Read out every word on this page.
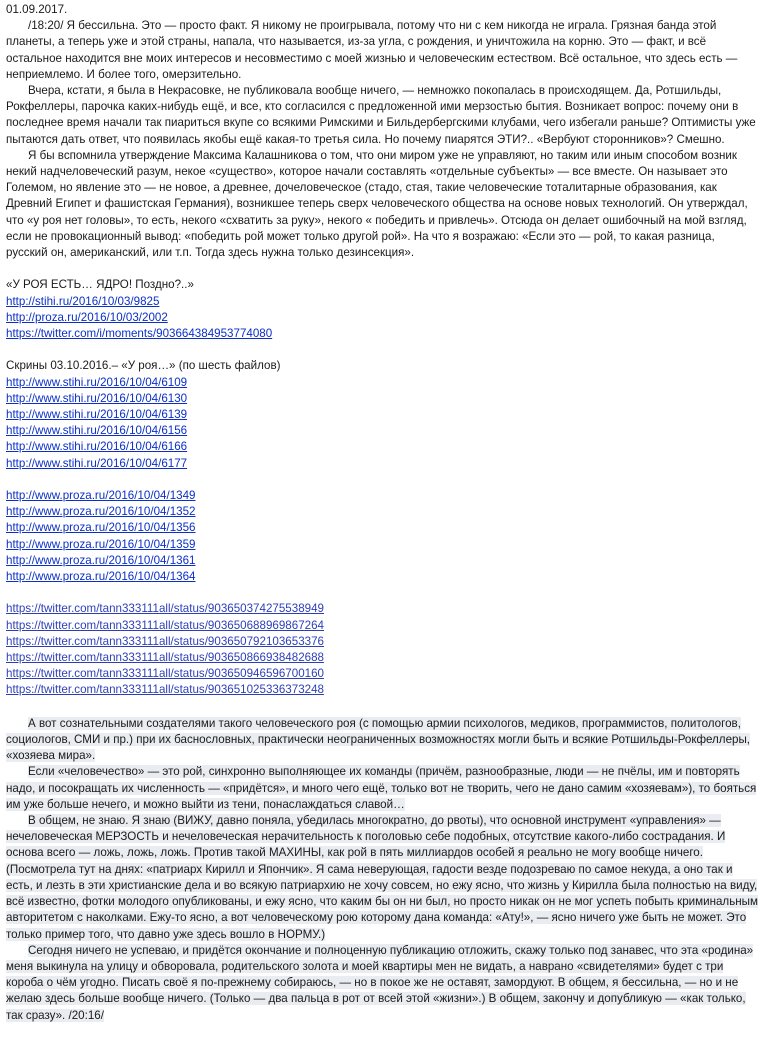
01.09.2017.

/18:20/ Я бессильна. Это — просто факт. Я никому не проигрывала, потому что ни с кем никогда не играла. Грязная банда этой планеты, а теперь уже и этой страны, напала, что называется, из-за угла, с рождения, и уничтожила на корню. Это — факт, и всё остальное находится вне моих интересов и несовместимо с моей жизнью и человеческим естеством. Всё остальное, что здесь есть — неприемлемо. И более того, омерзительно.

Вчера, кстати, я была в Некрасовке, не публиковала вообще ничего, — немножко покопалась в происходящем. Да, Ротшильды, Рокфеллеры, парочка каких-нибудь ещё, и все, кто согласился с предложенной ими мерзостью бытия. Возникает вопрос: почему они в последнее время начали так пиариться вкупе со всякими Римскими и Бильдербергскими клубами, чего избегали раньше? Оптимисты уже пытаются дать ответ, что появилась якобы ещё какая-то третья сила. Но почему пиарятся ЭТИ?.. «Вербуют сторонников»? Смешно.

Я бы вспомнила утверждение Максима Калашникова о том, что они миром уже не управляют, но таким или иным способом возник некий надчеловеческий разум, некое «существо», которое начали составлять «отдельные субъекты» — все вместе. Он называет это Големом, но явление это — не новое, а древнее, дочеловеческое (стадо, стая, такие человеческие тоталитарные образования, как Древний Египет и фашистская Германия), возникшее теперь сверх человеческого общества на основе новых технологий. Он утверждал, что «у роя нет головы», то есть, некого «схватить за руку», некого « победить и привлечь». Отсюда он делает ошибочный на мой взгляд, если не провокационный вывод: «победить рой может только другой рой». На что я возражаю: «Если это — рой, то какая разница, русский он, американский, или т.п. Тогда здесь нужна только дезинсекция».

«У РОЯ ЕСТЬ… ЯДРО! Поздно?..»

http://stihi.ru/2016/10/03/9825
http://proza.ru/2016/10/03/2002
https://twitter.com/i/moments/903664384953774080

Скрины 03.10.2016.– «У роя…» (по шесть файлов)

http://www.stihi.ru/2016/10/04/6109
http://www.stihi.ru/2016/10/04/6130
http://www.stihi.ru/2016/10/04/6139
http://www.stihi.ru/2016/10/04/6156
http://www.stihi.ru/2016/10/04/6166
http://www.stihi.ru/2016/10/04/6177
http://www.proza.ru/2016/10/04/1349
http://www.proza.ru/2016/10/04/1352
http://www.proza.ru/2016/10/04/1356
http://www.proza.ru/2016/10/04/1359
http://www.proza.ru/2016/10/04/1361
http://www.proza.ru/2016/10/04/1364
https://twitter.com/tann333111all/status/903650374275538949
https://twitter.com/tann333111all/status/903650688969867264
https://twitter.com/tann333111all/status/903650792103653376
https://twitter.com/tann333111all/status/903650866938482688
https://twitter.com/tann333111all/status/903650946596700160
https://twitter.com/tann333111all/status/903651025336373248

А вот сознательными создателями такого человеческого роя (с помощью армии психологов, медиков, программистов, политологов, социологов, СМИ и пр.) при их баснословных, практически неограниченных возможностях могли быть и всякие Ротшильды-Рокфеллеры, «хозяева мира».

Если «человечество» — это рой, синхронно выполняющее их команды (причём, разнообразные, люди — не пчёлы, им и повторять надо, и посокращать их численность — «придётся», и много чего ещё, только вот не творить, чего не дано самим «хозяевам»), то бояться им уже больше нечего, и можно выйти из тени, понаслаждаться славой…

В общем, не знаю. Я знаю (ВИЖУ, давно поняла, убедилась многократно, до рвоты), что основной инструмент «управления» — нечеловеческая МЕРЗОСТЬ и нечеловеческая нерачительность к поголовью себе подобных, отсутствие какого-либо сострадания. И основа всего — ложь, ложь, ложь. Против такой МАХИНЫ, как рой в пять миллиардов особей я реально не могу вообще ничего. (Посмотрела тут на днях: «патриарх Кирилл и Япончик». Я сама неверующая, гадости везде подозреваю по самое некуда, а оно так и есть, и лезть в эти христианские дела и во всякую патриархию не хочу совсем, но ежу ясно, что жизнь у Кирилла была полностью на виду, всё известно, фотки молодого опубликованы, и ежу ясно, что каким бы он ни был, но просто никак он не мог успеть побыть криминальным авторитетом с наколками. Ежу-то ясно, а вот человеческому рою которому дана команда: «Ату!», — ясно ничего уже быть не может. Это только пример того, что давно уже здесь вошло в НОРМУ.)

Сегодня ничего не успеваю, и придётся окончание и полноценную публикацию отложить, скажу только под занавес, что эта «родина» меня выкинула на улицу и обворовала, родительского золота и моей квартиры мен не видать, а наврано «свидетелями» будет с три короба о чём угодно. Писать своё я по-прежнему собираюсь, — но в покое же не оставят, замордуют. В общем, я бессильна, — но и не желаю здесь больше вообще ничего. (Только — два пальца в рот от всей этой «жизни».) В общем, закончу и допубликую — «как только, так сразу». /20:16/
